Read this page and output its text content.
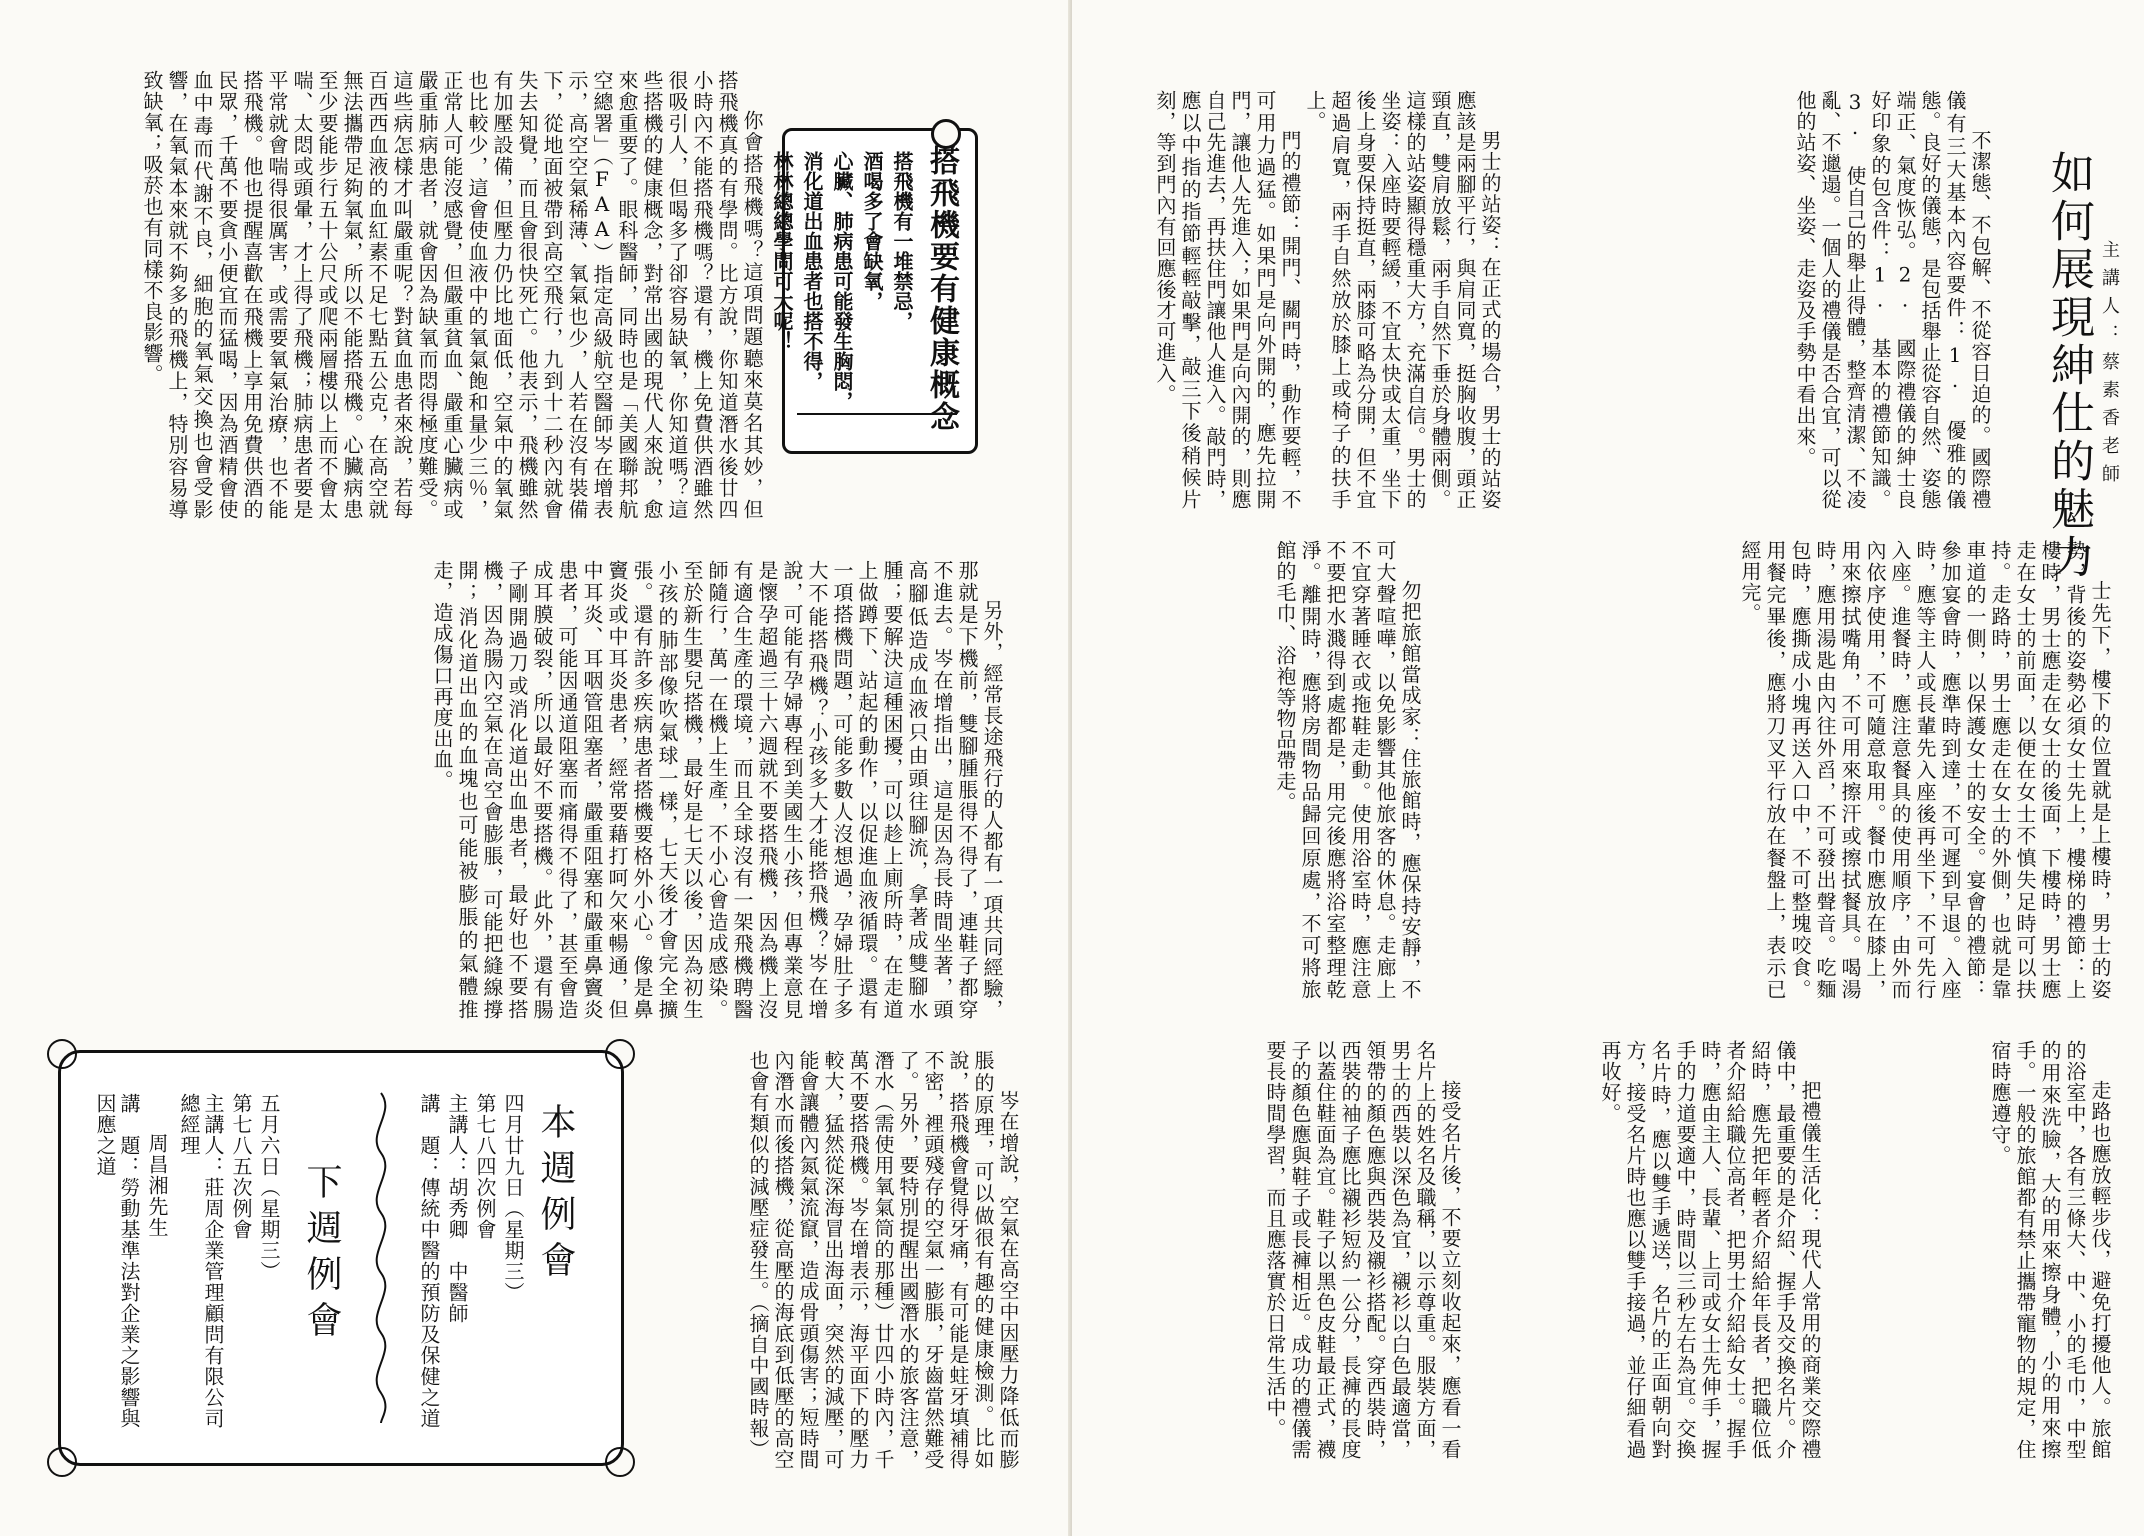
你會搭飛機嗎？這項問題聽來莫名其妙，但搭飛機真的有學問。比方說，你知道潛水後廿四小時內不能搭飛機嗎？還有，機上免費供酒雖然很吸引人，但喝多了卻容易缺氧，你知道嗎？這些搭機的健康概念，對常出國的現代人來說，愈來愈重要了。眼科醫師，同時也是「美國聯邦航空總署」（FAA）指定高級航空醫師岑在增表示，高空空氣稀薄、氧氣也少，人若在沒有裝備下，從地面被帶到高空飛行，九到十二秒內就會失去知覺，而且會很快死亡。他表示，飛機雖然有加壓設備，但壓力仍比地面低，空氣中的氧氣也比較少，這會使血液中的氧氣飽和量少三％，正常人可能沒感覺，但嚴重貧血、嚴重心臟病或嚴重肺病患者，就會因為缺氧而悶得極度難受。這些病怎樣才叫嚴重呢？對貧血患者來說，若每百西西血液的血紅素不足七點五公克，在高空就無法攜帶足夠氧氣，所以不能搭飛機。心臟病患至少要能步行五十公尺或爬兩層樓以上而不會太喘、太悶或頭暈，才上得了飛機；肺病患者要是平常就會喘得很厲害，或需要氧氣治療，也不能搭飛機。他也提醒喜歡在飛機上享用免費供酒的民眾，千萬不要貪小便宜而猛喝，因為酒精會使血中毒而代謝不良，細胞的氧氣交換也會受影響，在氧氣本來就不夠多的飛機上，特別容易導致缺氧；吸菸也有同樣不良影響。	搭飛機要有健康概念
搭飛機有一堆禁忌，
酒喝多了會缺氧，
心臟、肺病患可能發生胸悶，
消化道出血患者也搭不得，
林林總總學問可大呢！

另外，經常長途飛行的人都有一項共同經驗，那就是下機前，雙腳腫脹得不得了，連鞋子都穿不進去。岑在增指出，這是因為長時間坐著，頭高腳低造成血液只由頭往腳流，拿著成雙腳水腫；要解決這種困擾，可以趁上廁所時，在走道上做蹲下、站起的動作，以促進血液循環。還有一項搭機問題，可能多數人沒想過，孕婦肚子多大不能搭飛機？小孩多大才能搭飛機？岑在增說，可能有孕婦專程到美國生小孩，但專業意見是懷孕超過三十六週就不要搭飛機，因為機上沒有適合生產的環境，而且全球沒有一架飛機聘醫師隨行，萬一在機上生產，不小心會造成感染。至於新生嬰兒搭機，最好是七天以後，因為初生小孩的肺部像吹氣球一樣，七天後才會完全擴張。還有許多疾病患者搭機要格外小心。像是鼻竇炎或中耳炎患者，經常要藉打呵欠來暢通，但中耳炎、耳咽管阻塞者，嚴重阻塞和嚴重鼻竇炎患者，可能因通道阻塞而痛得不得了，甚至會造成耳膜破裂，所以最好不要搭機。此外，還有腸子剛開過刀或消化道出血患者，最好也不要搭機，因為腸內空氣在高空會膨脹，可能把縫線撐開；消化道出血的血塊也可能被膨脹的氣體推走，造成傷口再度出血。

岑在增說，空氣在高空中因壓力降低而膨脹的原理，可以做很有趣的健康檢測。比如說，搭飛機會覺得牙痛，有可能是蛀牙填補得不密，裡頭殘存的空氣一膨脹，牙齒當然難受了。另外，要特別提醒出國潛水的旅客注意，潛水（需使用氧氣筒的那種）廿四小時內，千萬不要搭飛機。岑在增表示，海平面下的壓力較大，猛然從深海冒出海面，突然的減壓，可能會讓體內氮氣流竄，造成骨頭傷害；短時間內潛水而後搭機，從高壓的海底到低壓的高空也會有類似的減壓症發生。（摘自中國時報）

本週例會
四月廿九日（星期三）
第七八四次例會
主講人：胡秀卿　中醫師
講　題：傳統中醫的預防及保健之道
下週例會
五月六日（星期三）
第七八五次例會
主講人：莊周企業管理顧問有限公司總經理
周昌湘先生
講　題：勞動基準法對企業之影響與因應之道
如何展現紳仕的魅力 主講人：蔡素香老師

不潔態、不包解、不從容日迫的。國際禮儀有三大基本內容要件：1. 優雅的儀態。良好的儀態，是包括舉止從容自然、姿態端正、氣度恢弘。2. 國際禮儀的紳士良好印象的包含件：1. 基本的禮節知識。3. 使自己的舉止得體，整齊清潔、不凌亂、不邋遢。一個人的禮儀是否合宜，可以從他的站姿、坐姿、走姿及手勢中看出來。

男士的站姿：在正式的場合，男士的站姿應該是兩腳平行，與肩同寬，挺胸收腹，頭正頸直，雙肩放鬆，兩手自然下垂於身體兩側。這樣的站姿顯得穩重大方，充滿自信。男士的坐姿：入座時要輕緩，不宜太快或太重，坐下後上身要保持挺直，兩膝可略為分開，但不宜超過肩寬，兩手自然放於膝上或椅子的扶手上。

門的禮節：開門、關門時，動作要輕，不可用力過猛。如果門是向外開的，應先拉開門，讓他人先進入；如果門是向內開的，則應自己先進去，再扶住門讓他人進入。敲門時，應以中指的指節輕輕敲擊，敲三下後稍候片刻，等到門內有回應後才可進入。

士先下，樓下的位置就是上樓時，男士的姿勢，背後的姿勢必須女士先上，樓梯的禮節：上樓時，男士應走在女士的後面，下樓時，男士應走在女士的前面，以便在女士不慎失足時可以扶持。走路時，男士應走在女士的外側，也就是靠車道的一側，以保護女士的安全。宴會的禮節：參加宴會時，應準時到達，不可遲到早退。入座時，應等主人或長輩先入座後再坐下，不可先行入座。進餐時，應注意餐具的使用順序，由外而內依序使用，不可隨意取用。餐巾應放在膝上，用來擦拭嘴角，不可用來擦汗或擦拭餐具。喝湯時，應用湯匙由內往外舀，不可發出聲音。吃麵包時，應撕成小塊再送入口中，不可整塊咬食。用餐完畢後，應將刀叉平行放在餐盤上，表示已經用完。

勿把旅館當成家：住旅館時，應保持安靜，不可大聲喧嘩，以免影響其他旅客的休息。走廊上不宜穿著睡衣或拖鞋走動。使用浴室時，應注意不要把水濺得到處都是，用完後應將浴室整理乾淨。離開時，應將房間物品歸回原處，不可將旅館的毛巾、浴袍等物品帶走。

走路也應放輕步伐，避免打擾他人。旅館的浴室中，各有三條大、中、小的毛巾，中型的用來洗臉，大的用來擦身體，小的用來擦手。一般的旅館都有禁止攜帶寵物的規定，住宿時應遵守。

把禮儀生活化：現代人常用的商業交際禮儀中，最重要的是介紹、握手及交換名片。介紹時，應先把年輕者介紹給年長者，把職位低者介紹給職位高者，把男士介紹給女士。握手時，應由主人、長輩、上司或女士先伸手，握手的力道要適中，時間以三秒左右為宜。交換名片時，應以雙手遞送，名片的正面朝向對方，接受名片時也應以雙手接過，並仔細看過再收好。

接受名片後，不要立刻收起來，應看一看名片上的姓名及職稱，以示尊重。服裝方面，男士的西裝以深色為宜，襯衫以白色最適當，領帶的顏色應與西裝及襯衫搭配。穿西裝時，西裝的袖子應比襯衫短約一公分，長褲的長度以蓋住鞋面為宜。鞋子以黑色皮鞋最正式，襪子的顏色應與鞋子或長褲相近。成功的禮儀需要長時間學習，而且應落實於日常生活中。
